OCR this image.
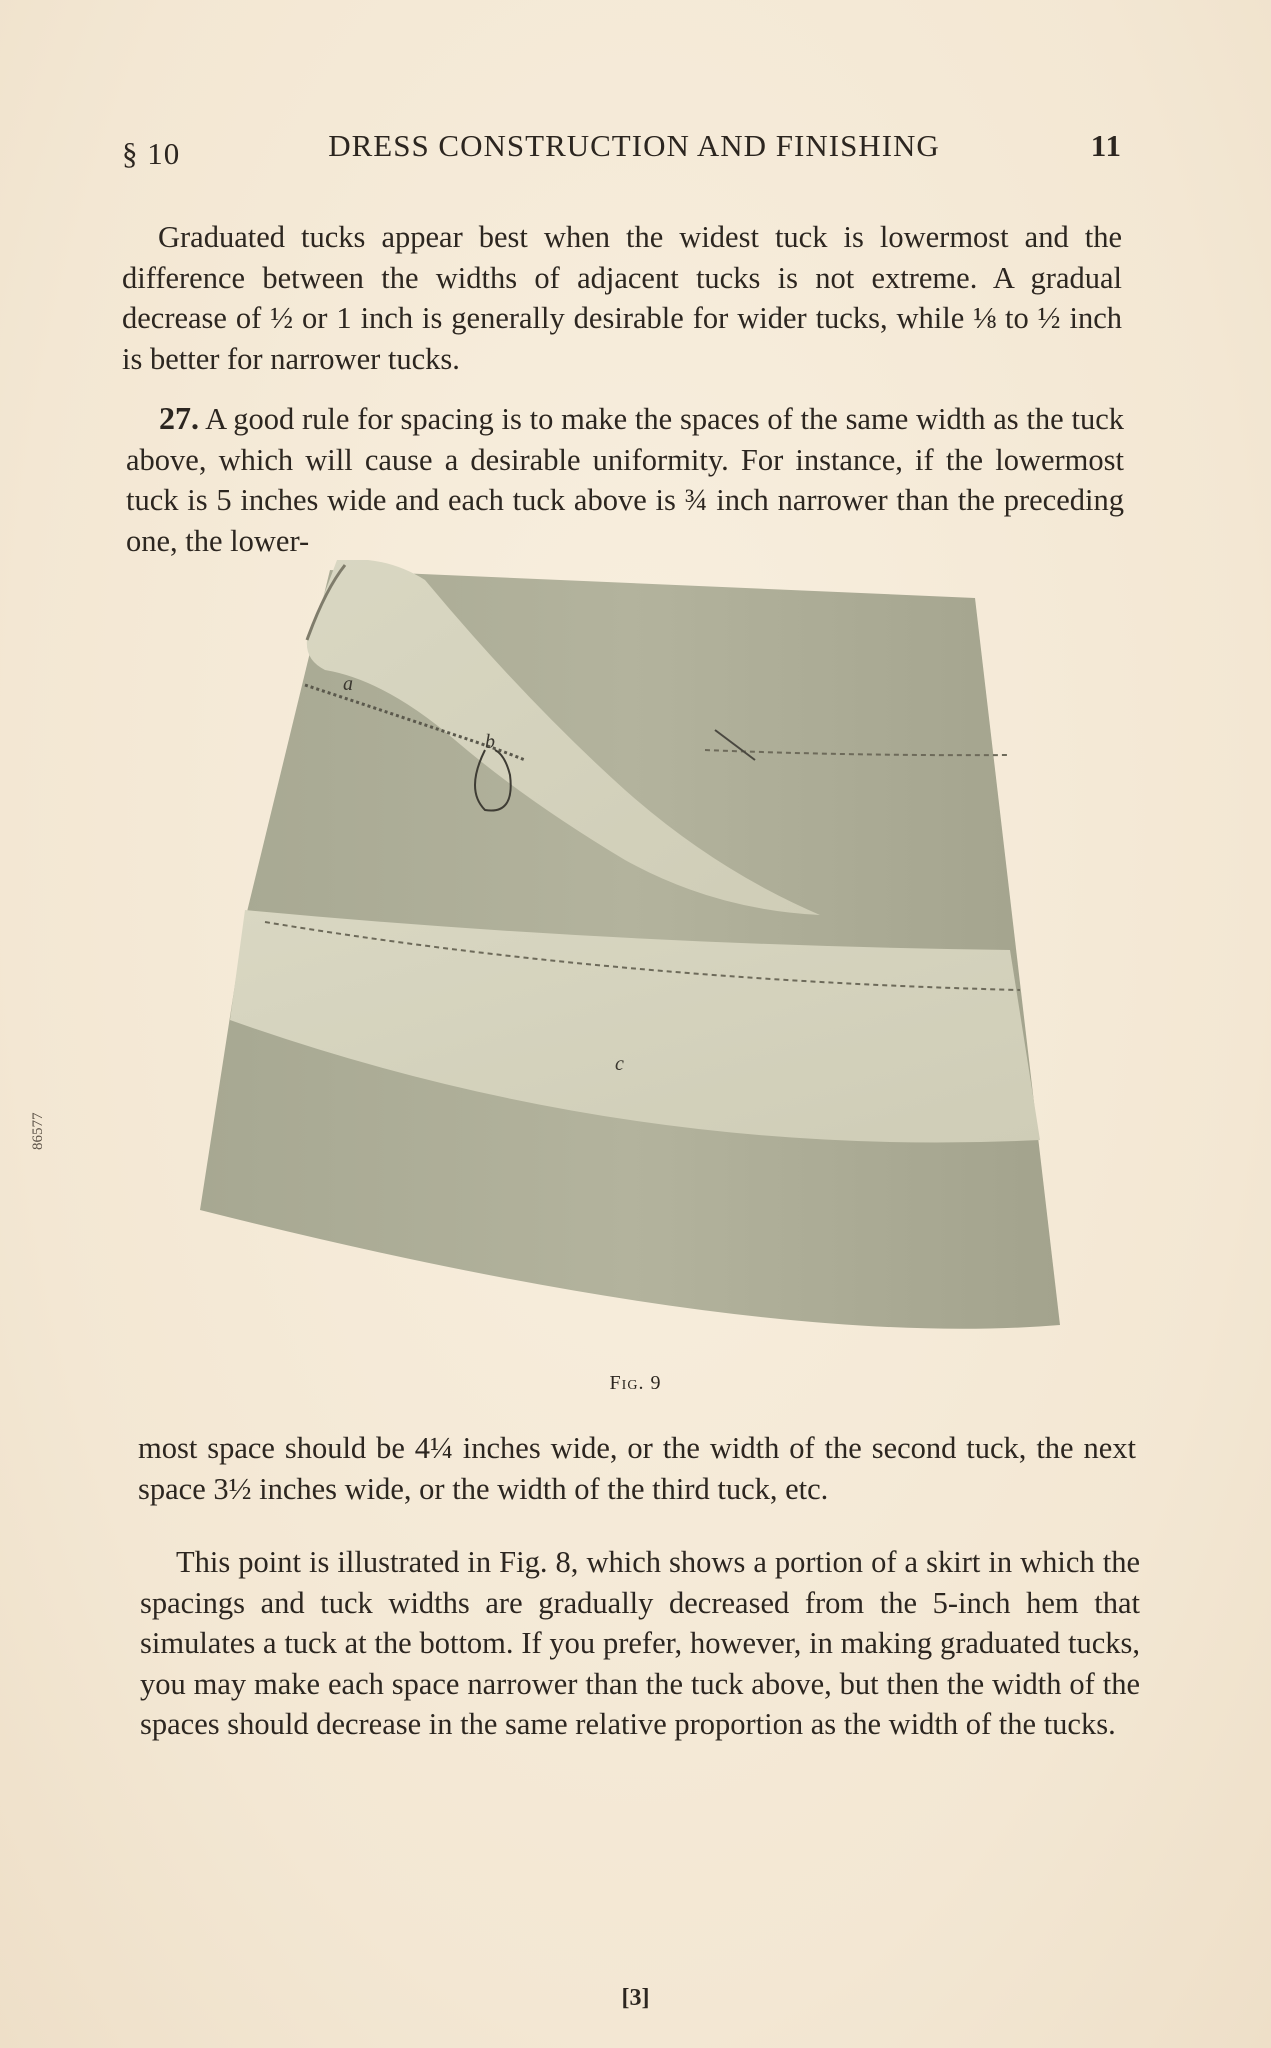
§ 10	DRESS CONSTRUCTION AND FINISHING	11
Graduated tucks appear best when the widest tuck is lowermost and the difference between the widths of adjacent tucks is not extreme. A gradual decrease of ½ or 1 inch is generally desirable for wider tucks, while ⅛ to ½ inch is better for narrower tucks.
27. A good rule for spacing is to make the spaces of the same width as the tuck above, which will cause a desirable uniformity. For instance, if the lowermost tuck is 5 inches wide and each tuck above is ¾ inch narrower than the preceding one, the lower-
a
b
c
Fig. 9
most space should be 4¼ inches wide, or the width of the second tuck, the next space 3½ inches wide, or the width of the third tuck, etc.
This point is illustrated in Fig. 8, which shows a portion of a skirt in which the spacings and tuck widths are gradually decreased from the 5-inch hem that simulates a tuck at the bottom. If you prefer, however, in making graduated tucks, you may make each space narrower than the tuck above, but then the width of the spaces should decrease in the same relative proportion as the width of the tucks.
86577
[3]
